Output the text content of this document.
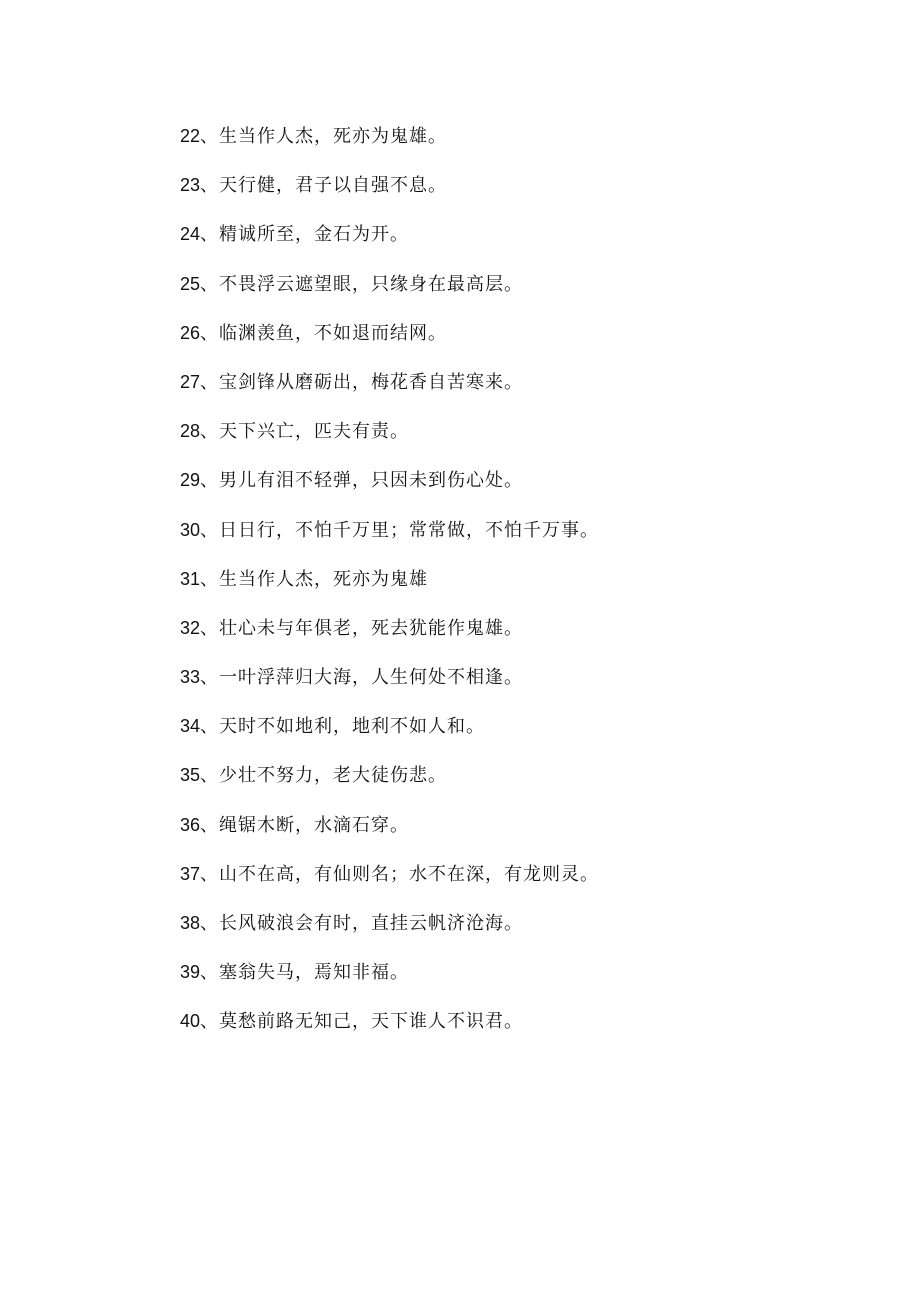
22、生当作人杰，死亦为鬼雄。
23、天行健，君子以自强不息。
24、精诚所至，金石为开。
25、不畏浮云遮望眼，只缘身在最高层。
26、临渊羡鱼，不如退而结网。
27、宝剑锋从磨砺出，梅花香自苦寒来。
28、天下兴亡，匹夫有责。
29、男儿有泪不轻弹，只因未到伤心处。
30、日日行，不怕千万里；常常做，不怕千万事。
31、生当作人杰，死亦为鬼雄
32、壮心未与年俱老，死去犹能作鬼雄。
33、一叶浮萍归大海，人生何处不相逢。
34、天时不如地利，地利不如人和。
35、少壮不努力，老大徒伤悲。
36、绳锯木断，水滴石穿。
37、山不在高，有仙则名；水不在深，有龙则灵。
38、长风破浪会有时，直挂云帆济沧海。
39、塞翁失马，焉知非福。
40、莫愁前路无知己，天下谁人不识君。
